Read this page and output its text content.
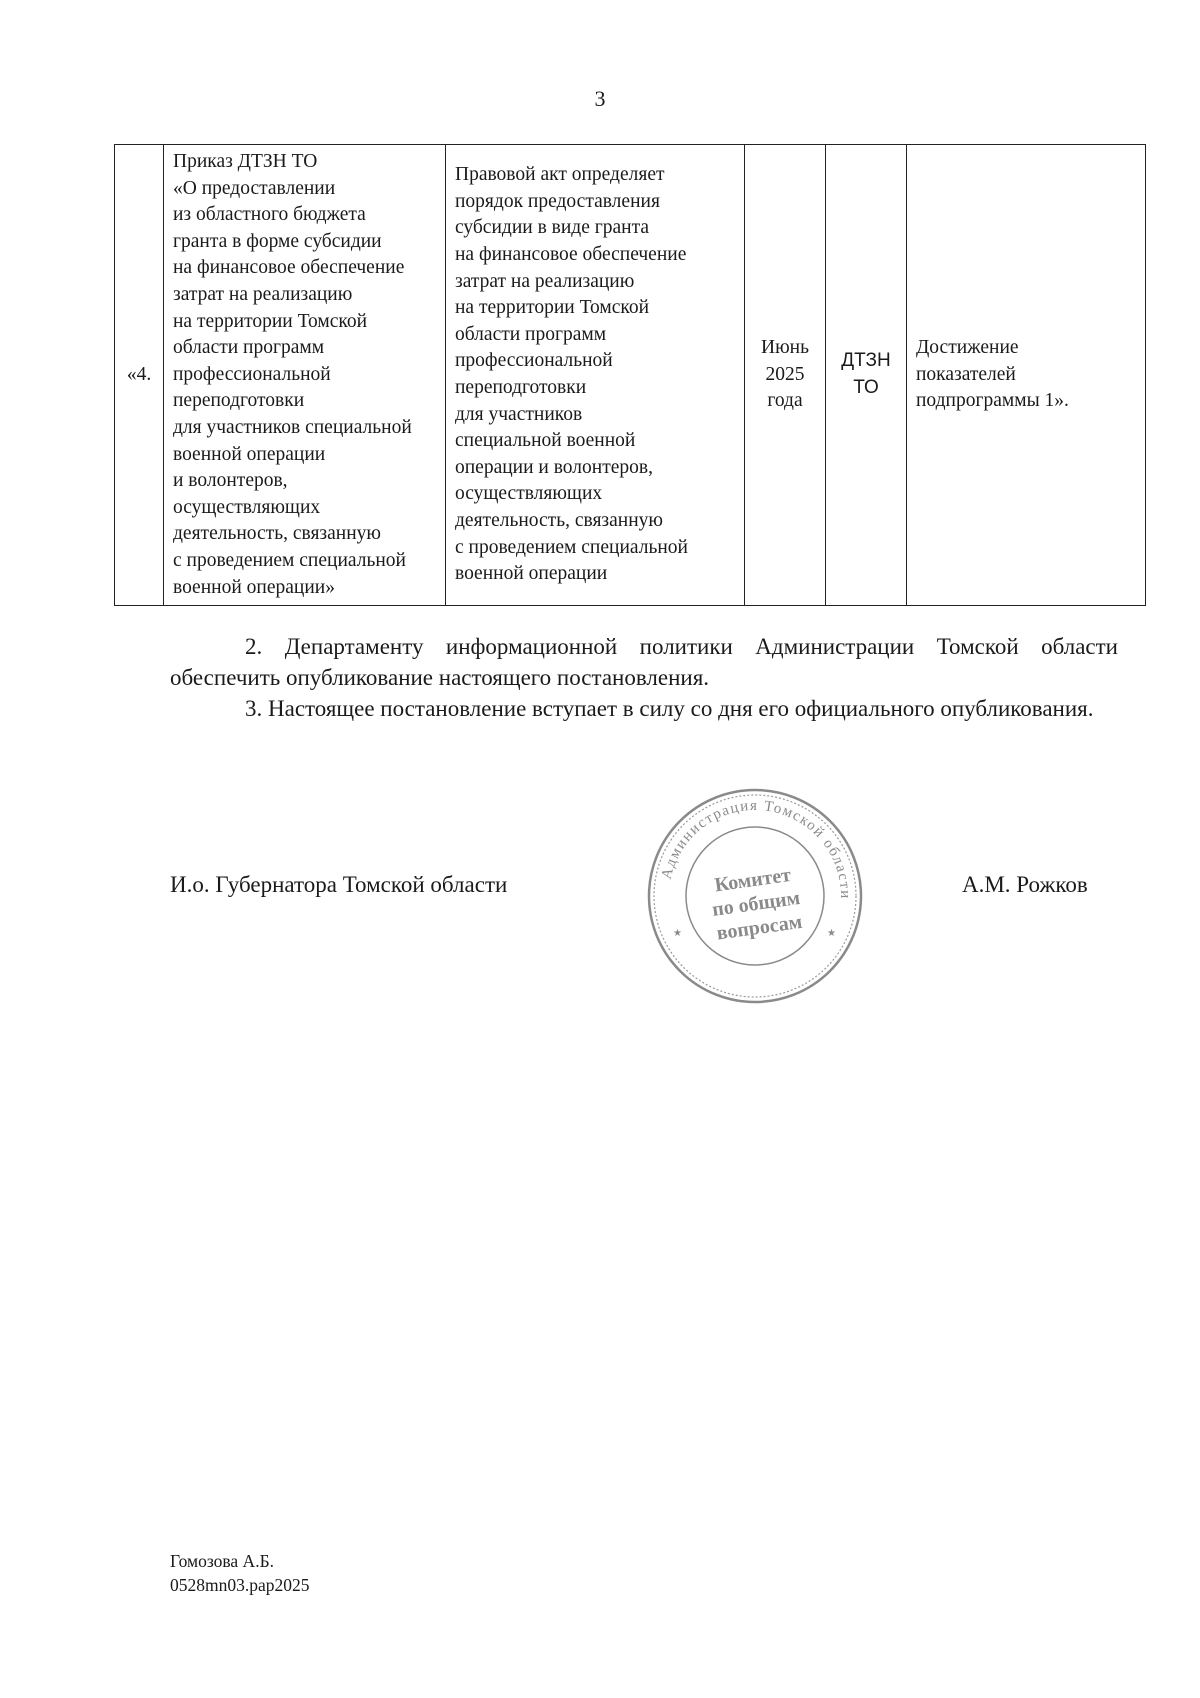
3
«4.	Приказ ДТЗН ТО
«О предоставлении
из областного бюджета
гранта в форме субсидии
на финансовое обеспечение
затрат на реализацию
на территории Томской
области программ
профессиональной
переподготовки
для участников специальной
военной операции
и волонтеров,
осуществляющих
деятельность, связанную
с проведением специальной
военной операции»	Правовой акт определяет
порядок предоставления
субсидии в виде гранта
на финансовое обеспечение
затрат на реализацию
на территории Томской
области программ
профессиональной
переподготовки
для участников
специальной военной
операции и волонтеров,
осуществляющих
деятельность, связанную
с проведением специальной
военной операции	Июнь
2025
года	ДТЗН
ТО	Достижение
показателей
подпрограммы 1».
2. Департаменту информационной политики Администрации Томской области обеспечить опубликование настоящего постановления.
3. Настоящее постановление вступает в силу со дня его официального опубликования.
И.о. Губернатора Томской области	А.М. Рожков
Администрация Томской области
Комитет
по общим
вопросам
★	★
Гомозова А.Б.
0528mn03.pap2025
